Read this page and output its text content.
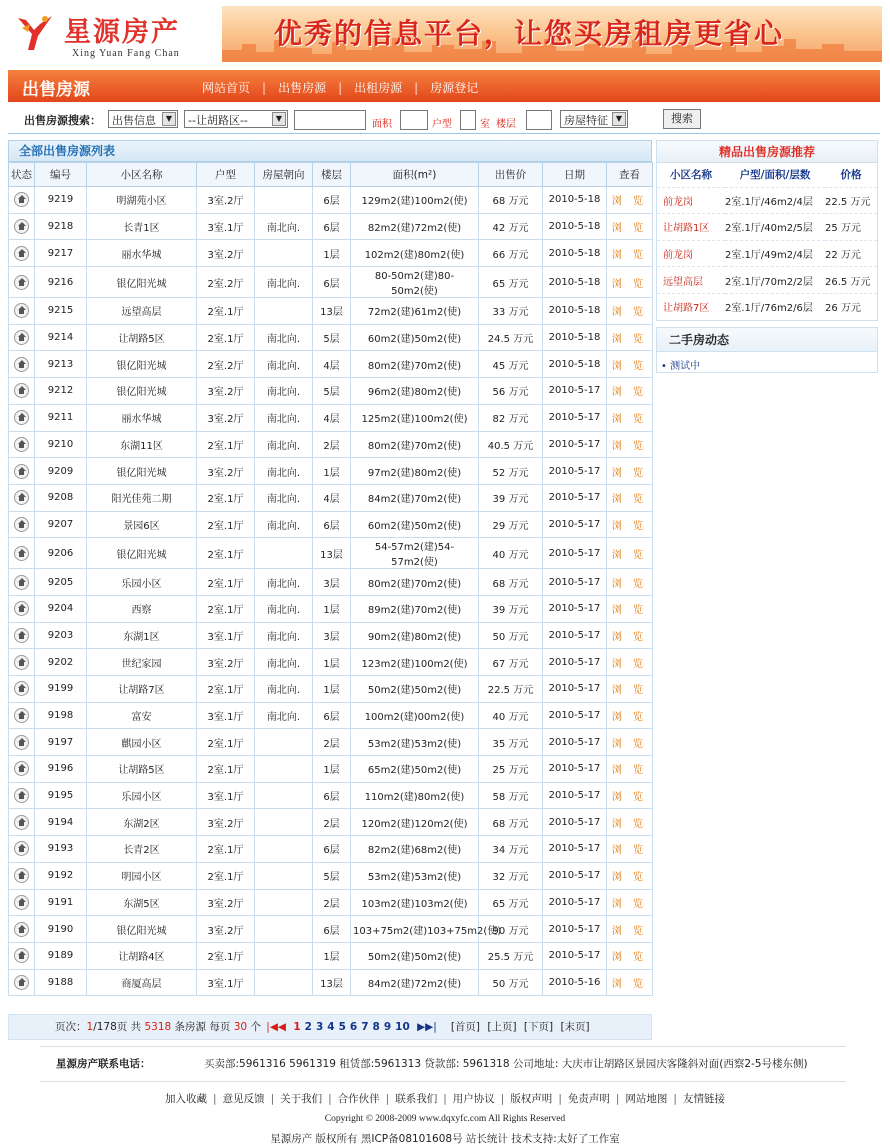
星源房产
Xing Yuan Fang Chan
优秀的信息平台，让您买房租房更省心
出售房源	网站首页 | 出售房源 | 出租房源 | 房源登记
出售房源搜索：	出售信息	▼	--让胡路区--	▼
面积	户型	室 楼层	房屋特征 ▼	搜索
全部出售房源列表
状态	编号	小区名称	户型	房屋朝向	楼层	面积(m²)	出售价	日期	查看
	9219	明湖苑小区	3室.2厅		6层	129m2(建)100m2(使)	68 万元	2010-5-18	浏 览
	9218	长青1区	3室.1厅	南北向.	6层	82m2(建)72m2(使)	42 万元	2010-5-18	浏 览
	9217	丽水华城	3室.2厅		1层	102m2(建)80m2(使)	66 万元	2010-5-18	浏 览
	9216	银亿阳光城	2室.2厅	南北向.	6层	80-50m2(建)80-50m2(使)	65 万元	2010-5-18	浏 览
	9215	远望高层	2室.1厅		13层	72m2(建)61m2(使)	33 万元	2010-5-18	浏 览
	9214	让胡路5区	2室.1厅	南北向.	5层	60m2(建)50m2(使)	24.5 万元	2010-5-18	浏 览
	9213	银亿阳光城	2室.2厅	南北向.	4层	80m2(建)70m2(使)	45 万元	2010-5-18	浏 览
	9212	银亿阳光城	3室.2厅	南北向.	5层	96m2(建)80m2(使)	56 万元	2010-5-17	浏 览
	9211	丽水华城	3室.2厅	南北向.	4层	125m2(建)100m2(使)	82 万元	2010-5-17	浏 览
	9210	东湖11区	2室.1厅	南北向.	2层	80m2(建)70m2(使)	40.5 万元	2010-5-17	浏 览
	9209	银亿阳光城	3室.2厅	南北向.	1层	97m2(建)80m2(使)	52 万元	2010-5-17	浏 览
	9208	阳光佳苑二期	2室.1厅	南北向.	4层	84m2(建)70m2(使)	39 万元	2010-5-17	浏 览
	9207	景园6区	2室.1厅	南北向.	6层	60m2(建)50m2(使)	29 万元	2010-5-17	浏 览
	9206	银亿阳光城	2室.1厅		13层	54-57m2(建)54-57m2(使)	40 万元	2010-5-17	浏 览
	9205	乐园小区	2室.1厅	南北向.	3层	80m2(建)70m2(使)	68 万元	2010-5-17	浏 览
	9204	西察	2室.1厅	南北向.	1层	89m2(建)70m2(使)	39 万元	2010-5-17	浏 览
	9203	东湖1区	3室.1厅	南北向.	3层	90m2(建)80m2(使)	50 万元	2010-5-17	浏 览
	9202	世纪家园	3室.2厅	南北向.	1层	123m2(建)100m2(使)	67 万元	2010-5-17	浏 览
	9199	让胡路7区	2室.1厅	南北向.	1层	50m2(建)50m2(使)	22.5 万元	2010-5-17	浏 览
	9198	富安	3室.1厅	南北向.	6层	100m2(建)00m2(使)	40 万元	2010-5-17	浏 览
	9197	麒园小区	2室.1厅		2层	53m2(建)53m2(使)	35 万元	2010-5-17	浏 览
	9196	让胡路5区	2室.1厅		1层	65m2(建)50m2(使)	25 万元	2010-5-17	浏 览
	9195	乐园小区	3室.1厅		6层	110m2(建)80m2(使)	58 万元	2010-5-17	浏 览
	9194	东湖2区	3室.2厅		2层	120m2(建)120m2(使)	68 万元	2010-5-17	浏 览
	9193	长青2区	2室.1厅		6层	82m2(建)68m2(使)	34 万元	2010-5-17	浏 览
	9192	明园小区	2室.1厅		5层	53m2(建)53m2(使)	32 万元	2010-5-17	浏 览
	9191	东湖5区	3室.2厅		2层	103m2(建)103m2(使)	65 万元	2010-5-17	浏 览
	9190	银亿阳光城	3室.2厅		6层	103+75m2(建)103+75m2(使)	90 万元	2010-5-17	浏 览
	9189	让胡路4区	2室.1厅		1层	50m2(建)50m2(使)	25.5 万元	2010-5-17	浏 览
	9188	商厦高层	3室.1厅		13层	84m2(建)72m2(使)	50 万元	2010-5-16	浏 览
页次：1/178页 共 5318 条房源 每页 30 个 |◀◀ 1 2 3 4 5 6 7 8 9 10 ▶▶| [首页] [上页] [下页] [末页]
精品出售房源推荐
小区名称	户型/面积/层数	价格
前龙岗	2室.1厅/46m2/4层	22.5 万元
让胡路1区	2室.1厅/40m2/5层	25 万元
前龙岗	2室.1厅/49m2/4层	22 万元
远望高层	2室.1厅/70m2/2层	26.5 万元
让胡路7区	2室.1厅/76m2/6层	26 万元
二手房动态
• 测试中
星源房产联系电话：	买卖部:5961316 5961319 租赁部:5961313 贷款部: 5961318 公司地址: 大庆市让胡路区景园庆客隆斜对面(西察2-5号楼东侧)
加入收藏 | 意见反馈 | 关于我们 | 合作伙伴 | 联系我们 | 用户协议 | 版权声明 | 免责声明 | 网站地图 | 友情链接
Copyright © 2008-2009 www.dqxyfc.com All Rights Reserved
星源房产 版权所有 黑ICP备08101608号 站长统计 技术支持:太好了工作室
